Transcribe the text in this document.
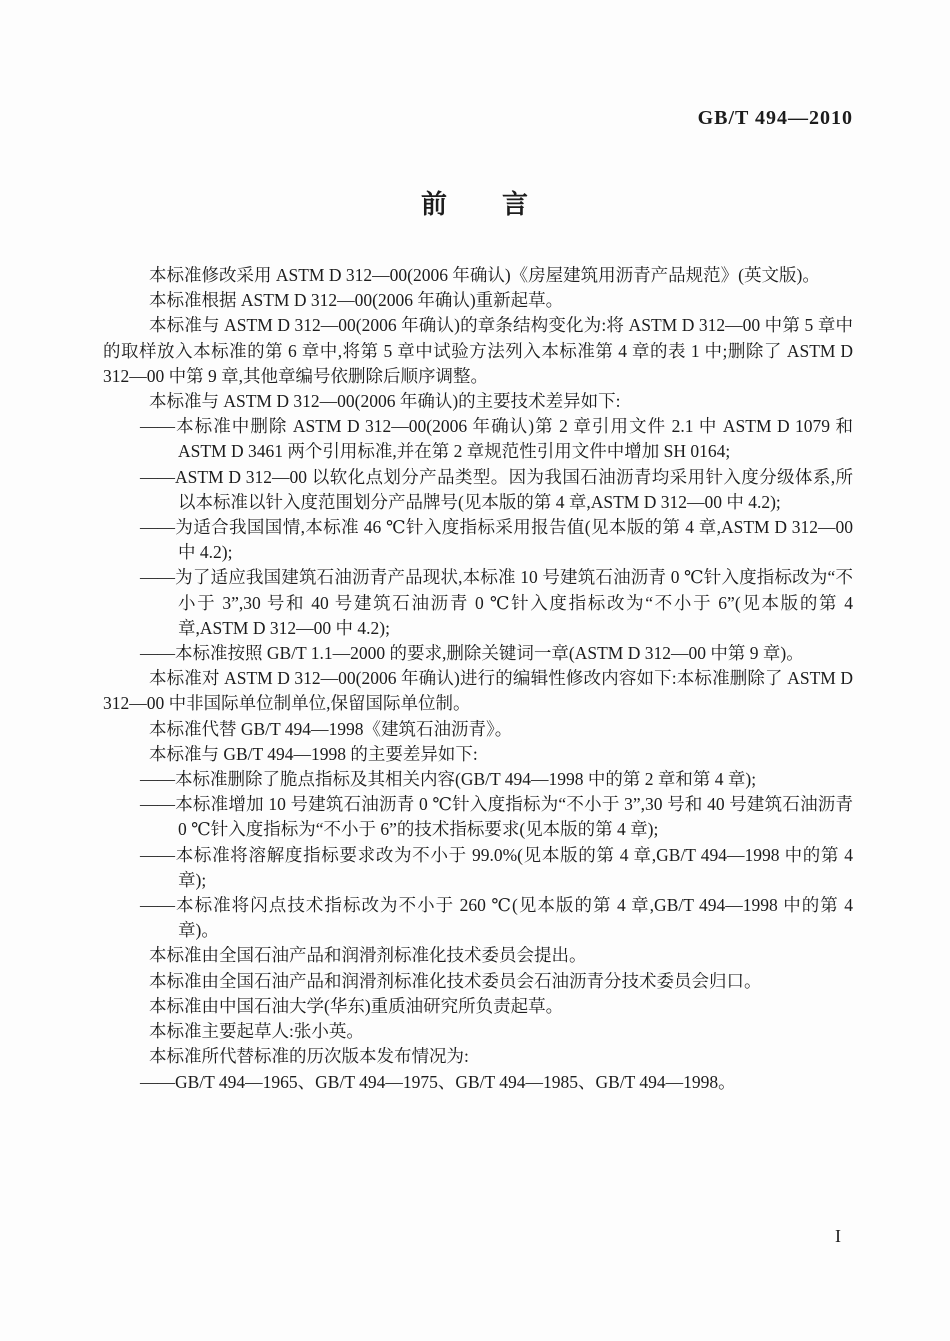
GB/T 494—2010
前　　言

本标准修改采用 ASTM D 312—00(2006 年确认)《房屋建筑用沥青产品规范》(英文版)。

本标准根据 ASTM D 312—00(2006 年确认)重新起草。

本标准与 ASTM D 312—00(2006 年确认)的章条结构变化为:将 ASTM D 312—00 中第 5 章中的取样放入本标准的第 6 章中,将第 5 章中试验方法列入本标准第 4 章的表 1 中;删除了 ASTM D 312—00 中第 9 章,其他章编号依删除后顺序调整。

本标准与 ASTM D 312—00(2006 年确认)的主要技术差异如下:

——本标准中删除 ASTM D 312—00(2006 年确认)第 2 章引用文件 2.1 中 ASTM D 1079 和 ASTM D 3461 两个引用标准,并在第 2 章规范性引用文件中增加 SH 0164;

——ASTM D 312—00 以软化点划分产品类型。因为我国石油沥青均采用针入度分级体系,所以本标准以针入度范围划分产品牌号(见本版的第 4 章,ASTM D 312—00 中 4.2);

——为适合我国国情,本标准 46 ℃针入度指标采用报告值(见本版的第 4 章,ASTM D 312—00 中 4.2);

——为了适应我国建筑石油沥青产品现状,本标准 10 号建筑石油沥青 0 ℃针入度指标改为“不小于 3”,30 号和 40 号建筑石油沥青 0 ℃针入度指标改为“不小于 6”(见本版的第 4 章,ASTM D 312—00 中 4.2);

——本标准按照 GB/T 1.1—2000 的要求,删除关键词一章(ASTM D 312—00 中第 9 章)。

本标准对 ASTM D 312—00(2006 年确认)进行的编辑性修改内容如下:本标准删除了 ASTM D 312—00 中非国际单位制单位,保留国际单位制。

本标准代替 GB/T 494—1998《建筑石油沥青》。

本标准与 GB/T 494—1998 的主要差异如下:

——本标准删除了脆点指标及其相关内容(GB/T 494—1998 中的第 2 章和第 4 章);

——本标准增加 10 号建筑石油沥青 0 ℃针入度指标为“不小于 3”,30 号和 40 号建筑石油沥青 0 ℃针入度指标为“不小于 6”的技术指标要求(见本版的第 4 章);

——本标准将溶解度指标要求改为不小于 99.0%(见本版的第 4 章,GB/T 494—1998 中的第 4 章);

——本标准将闪点技术指标改为不小于 260 ℃(见本版的第 4 章,GB/T 494—1998 中的第 4 章)。

本标准由全国石油产品和润滑剂标准化技术委员会提出。

本标准由全国石油产品和润滑剂标准化技术委员会石油沥青分技术委员会归口。

本标准由中国石油大学(华东)重质油研究所负责起草。

本标准主要起草人:张小英。

本标准所代替标准的历次版本发布情况为:

——GB/T 494—1965、GB/T 494—1975、GB/T 494—1985、GB/T 494—1998。

I
